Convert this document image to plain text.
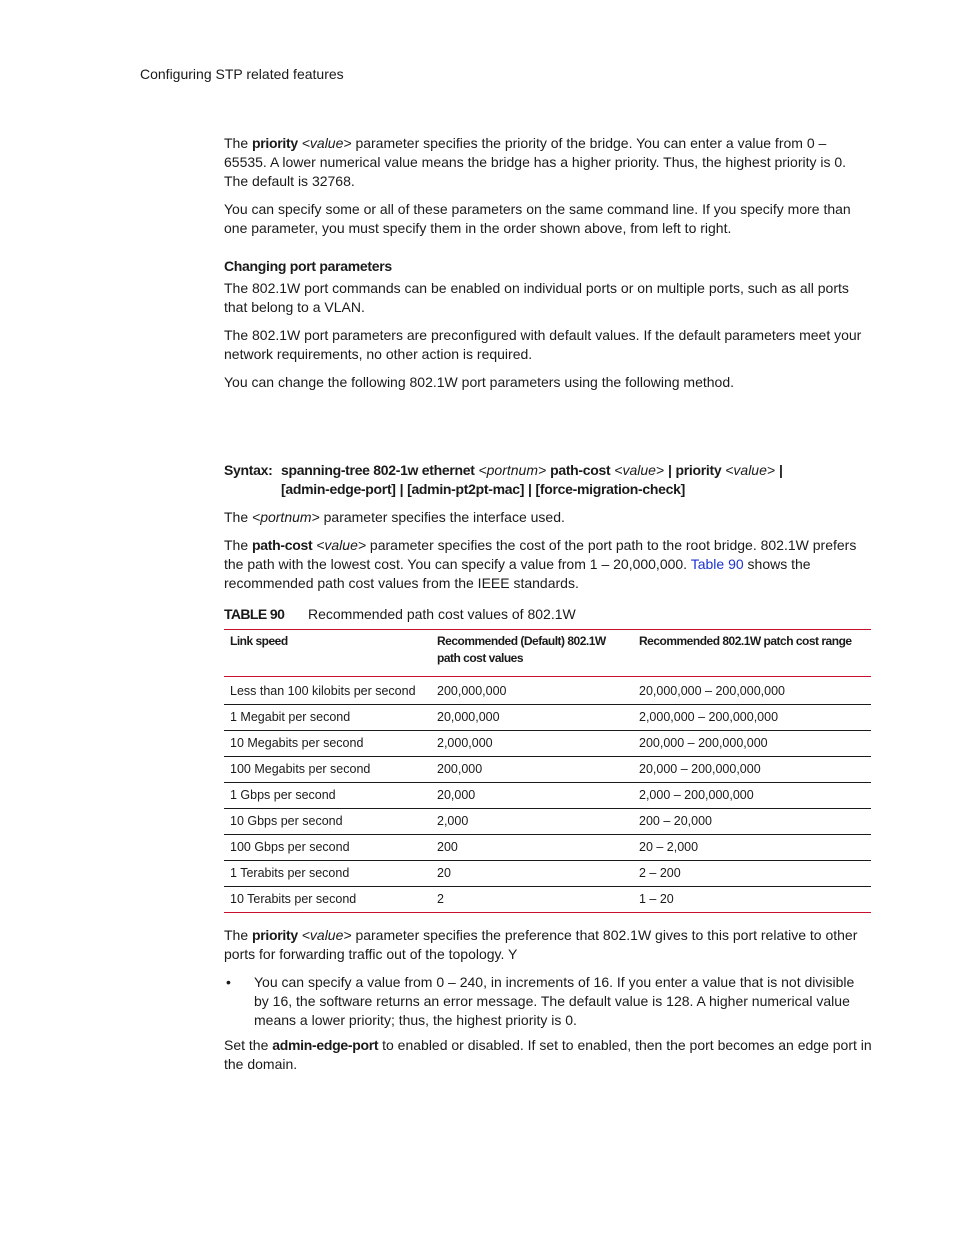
Configuring STP related features

The priority <value> parameter specifies the priority of the bridge. You can enter a value from 0 – 65535. A lower numerical value means the bridge has a higher priority. Thus, the highest priority is 0. The default is 32768.

You can specify some or all of these parameters on the same command line. If you specify more than one parameter, you must specify them in the order shown above, from left to right.

Changing port parameters

The 802.1W port commands can be enabled on individual ports or on multiple ports, such as all ports that belong to a VLAN.

The 802.1W port parameters are preconfigured with default values. If the default parameters meet your network requirements, no other action is required.

You can change the following 802.1W port parameters using the following method.

Syntax: spanning-tree 802-1w ethernet <portnum> path-cost <value> | priority <value> |
[admin-edge-port] | [admin-pt2pt-mac] | [force-migration-check]

The <portnum> parameter specifies the interface used.

The path-cost <value> parameter specifies the cost of the port path to the root bridge. 802.1W prefers the path with the lowest cost. You can specify a value from 1 – 20,000,000. Table 90 shows the recommended path cost values from the IEEE standards.

TABLE 90	Recommended path cost values of 802.1W
Link speed	Recommended (Default) 802.1W path cost values	Recommended 802.1W patch cost range
Less than 100 kilobits per second	200,000,000	20,000,000 – 200,000,000
1 Megabit per second	20,000,000	2,000,000 – 200,000,000
10 Megabits per second	2,000,000	200,000 – 200,000,000
100 Megabits per second	200,000	20,000 – 200,000,000
1 Gbps per second	20,000	2,000 – 200,000,000
10 Gbps per second	2,000	200 – 20,000
100 Gbps per second	200	20 – 2,000
1 Terabits per second	20	2 – 200
10 Terabits per second	2	1 – 20

The priority <value> parameter specifies the preference that 802.1W gives to this port relative to other ports for forwarding traffic out of the topology. Y

•	You can specify a value from 0 – 240, in increments of 16. If you enter a value that is not divisible by 16, the software returns an error message. The default value is 128. A higher numerical value means a lower priority; thus, the highest priority is 0.

Set the admin-edge-port to enabled or disabled. If set to enabled, then the port becomes an edge port in the domain.
